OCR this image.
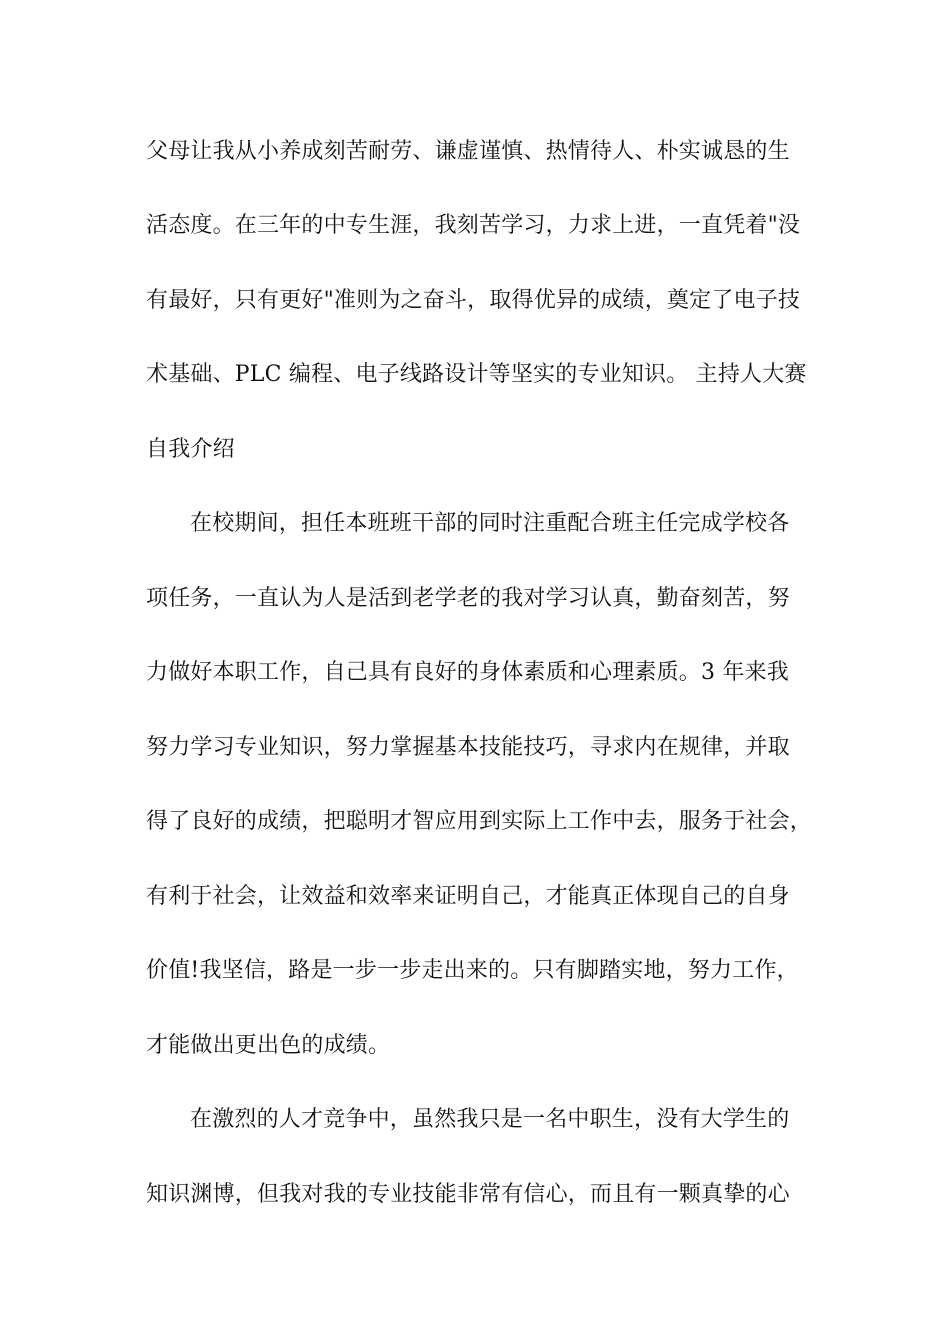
父母让我从小养成刻苦耐劳、谦虚谨慎、热情待人、朴实诚恳的生
活态度。在三年的中专生涯，我刻苦学习，力求上进，一直凭着"没
有最好，只有更好"准则为之奋斗，取得优异的成绩，奠定了电子技
术基础、PLC 编程、电子线路设计等坚实的专业知识。 主持人大赛
自我介绍
在校期间，担任本班班干部的同时注重配合班主任完成学校各
项任务，一直认为人是活到老学老的我对学习认真，勤奋刻苦，努
力做好本职工作，自己具有良好的身体素质和心理素质。3 年来我
努力学习专业知识，努力掌握基本技能技巧，寻求内在规律，并取
得了良好的成绩，把聪明才智应用到实际上工作中去，服务于社会，
有利于社会，让效益和效率来证明自己，才能真正体现自己的自身
价值!我坚信，路是一步一步走出来的。只有脚踏实地，努力工作，
才能做出更出色的成绩。
在激烈的人才竞争中，虽然我只是一名中职生，没有大学生的
知识渊博，但我对我的专业技能非常有信心，而且有一颗真挚的心
